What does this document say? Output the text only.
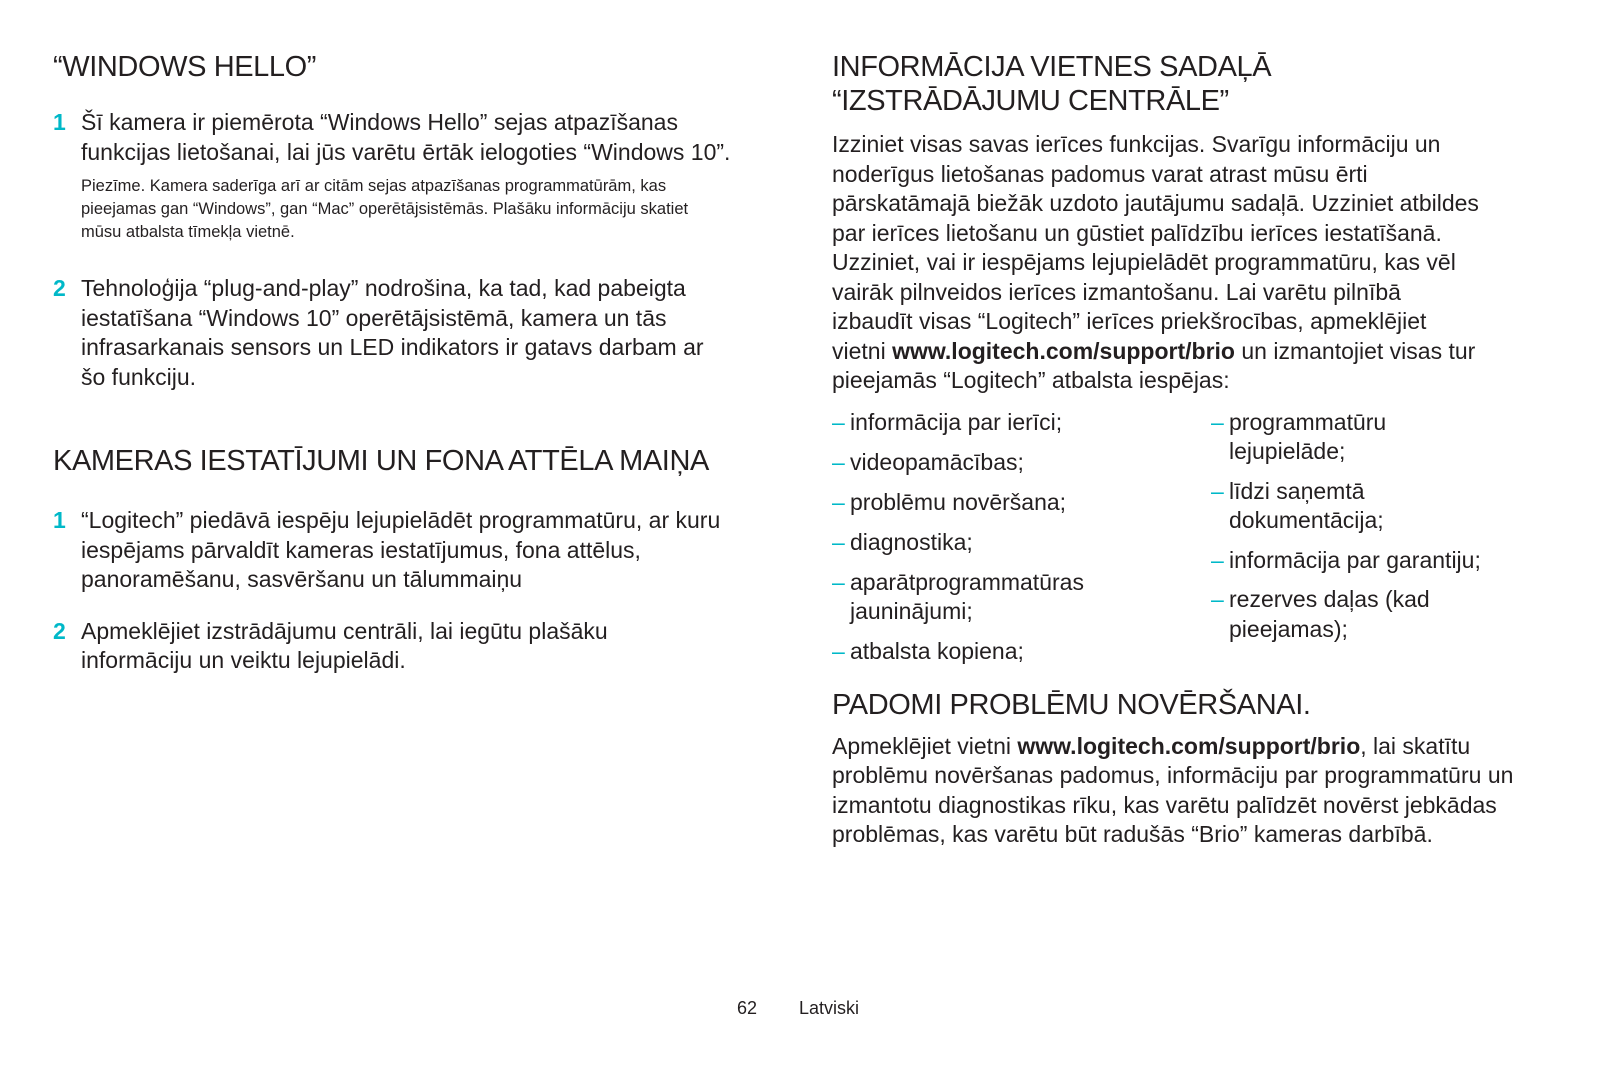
“WINDOWS HELLO”
1 Šī kamera ir piemērota “Windows Hello” sejas atpazīšanas funkcijas lietošanai, lai jūs varētu ērtāk ielogoties “Windows 10”.
Piezīme. Kamera saderīga arī ar citām sejas atpazīšanas programmatūrām, kas pieejamas gan “Windows”, gan “Mac” operētājsistēmās. Plašāku informāciju skatiet mūsu atbalsta tīmekļa vietnē.
2 Tehnoloģija “plug-and-play” nodrošina, ka tad, kad pabeigta iestatīšana “Windows 10” operētājsistēmā, kamera un tās infrasarkanais sensors un LED indikators ir gatavs darbam ar šo funkciju.
KAMERAS IESTATĪJUMI UN FONA ATTĒLA MAIŅA
1 “Logitech” piedāvā iespēju lejupielādēt programmatūru, ar kuru iespējams pārvaldīt kameras iestatījumus, fona attēlus, panoramēšanu, sasvēršanu un tālummaiņu
2 Apmeklējiet izstrādājumu centrāli, lai iegūtu plašāku informāciju un veiktu lejupielādi.
INFORMĀCIJA VIETNES SADAĻĀ
“IZSTRĀDĀJUMU CENTRĀLE”

Izziniet visas savas ierīces funkcijas. Svarīgu informāciju un noderīgus lietošanas padomus varat atrast mūsu ērti pārskatāmajā biežāk uzdoto jautājumu sadaļā. Uzziniet atbildes par ierīces lietošanu un gūstiet palīdzību ierīces iestatīšanā. Uzziniet, vai ir iespējams lejupielādēt programmatūru, kas vēl vairāk pilnveidos ierīces izmantošanu. Lai varētu pilnībā izbaudīt visas “Logitech” ierīces priekšrocības, apmeklējiet vietni www.logitech.com/support/brio un izmantojiet visas tur pieejamās “Logitech” atbalsta iespējas:

– informācija par ierīci;
– videopamācības;
– problēmu novēršana;
– diagnostika;
– aparātprogrammatūras jauninājumi;
– atbalsta kopiena;
– programmatūru lejupielāde;
– līdzi saņemtā dokumentācija;
– informācija par garantiju;
– rezerves daļas (kad pieejamas);
PADOMI PROBLĒMU NOVĒRŠANAI.

Apmeklējiet vietni www.logitech.com/support/brio, lai skatītu problēmu novēršanas padomus, informāciju par programmatūru un izmantotu diagnostikas rīku, kas varētu palīdzēt novērst jebkādas problēmas, kas varētu būt radušās “Brio” kameras darbībā.

62 Latviski
